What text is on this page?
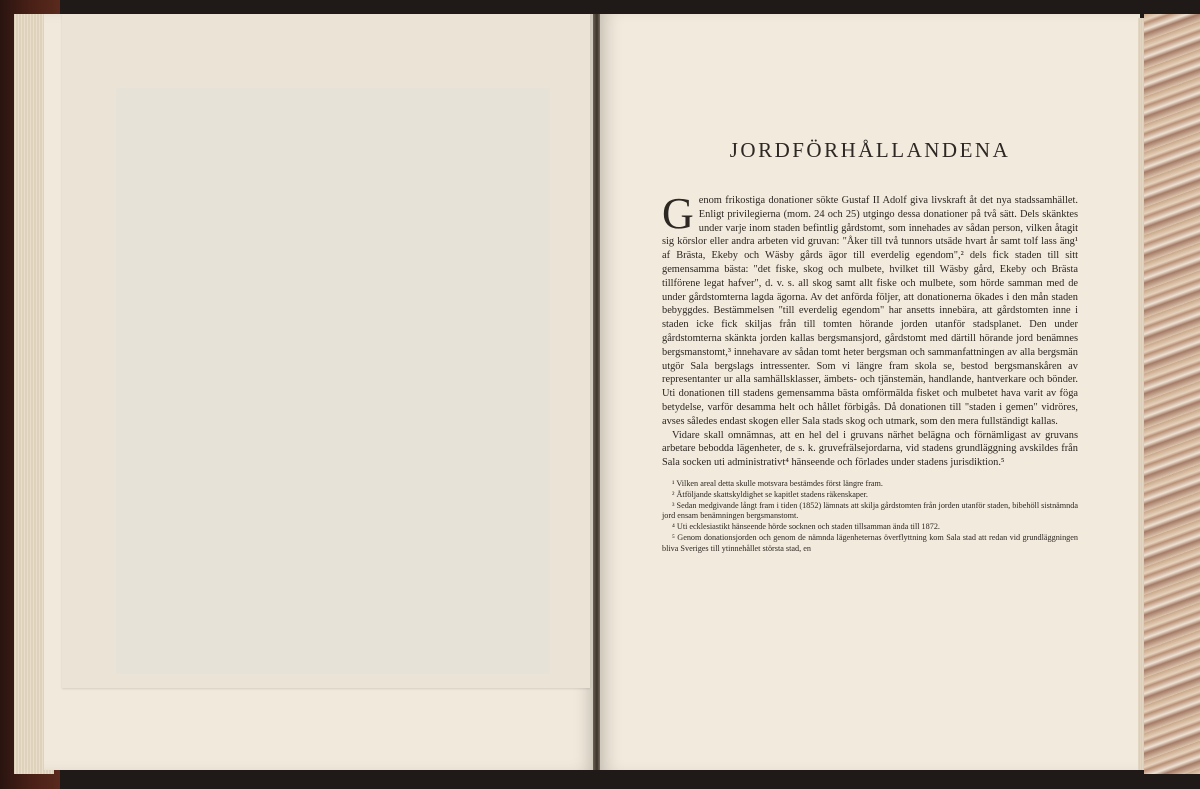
JORDFÖRHÅLLANDENA

Genom frikostiga donationer sökte Gustaf II Adolf giva livskraft åt det nya stadssamhället. Enligt privilegierna (mom. 24 och 25) utgingo dessa donationer på två sätt. Dels skänktes under varje inom staden befintlig gårdstomt, som innehades av sådan person, vilken åtagit sig körslor eller andra arbeten vid gruvan: "Åker till två tunnors utsäde hvart år samt tolf lass äng¹ af Brästa, Ekeby och Wäsby gårds ägor till everdelig egendom",² dels fick staden till sitt gemensamma bästa: "det fiske, skog och mulbete, hvilket till Wäsby gård, Ekeby och Brästa tillförene legat hafver", d. v. s. all skog samt allt fiske och mulbete, som hörde samman med de under gårdstomterna lagda ägorna. Av det anförda följer, att donationerna ökades i den mån staden bebyggdes. Bestämmelsen "till everdelig egendom" har ansetts innebära, att gårdstomten inne i staden icke fick skiljas från till tomten hörande jorden utanför stadsplanet. Den under gårdstomterna skänkta jorden kallas bergsmansjord, gårdstomt med därtill hörande jord benämnes bergsmanstomt,³ innehavare av sådan tomt heter bergsman och sammanfattningen av alla bergsmän utgör Sala bergslags intressenter. Som vi längre fram skola se, bestod bergsmanskåren av representanter ur alla samhällsklasser, ämbets- och tjänstemän, handlande, hantverkare och bönder. Uti donationen till stadens gemensamma bästa omförmälda fisket och mulbetet hava varit av föga betydelse, varför desamma helt och hållet förbigås. Då donationen till "staden i gemen" vidröres, avses således endast skogen eller Sala stads skog och utmark, som den mera fullständigt kallas.

Vidare skall omnämnas, att en hel del i gruvans närhet belägna och förnämligast av gruvans arbetare bebodda lägenheter, de s. k. gruvefrälsejordarna, vid stadens grundläggning avskildes från Sala socken uti administrativt⁴ hänseende och förlades under stadens jurisdiktion.⁵

¹ Vilken areal detta skulle motsvara bestämdes först längre fram.

² Åtföljande skattskyldighet se kapitlet stadens räkenskaper.

³ Sedan medgivande långt fram i tiden (1852) lämnats att skilja gårdstomten från jorden utanför staden, bibehöll sistnämnda jord ensam benämningen bergsmanstomt.

⁴ Uti ecklesiastikt hänseende hörde socknen och staden tillsamman ända till 1872.

⁵ Genom donationsjorden och genom de nämnda lägenheternas överflyttning kom Sala stad att redan vid grundläggningen bliva Sveriges till ytinnehållet största stad, en
